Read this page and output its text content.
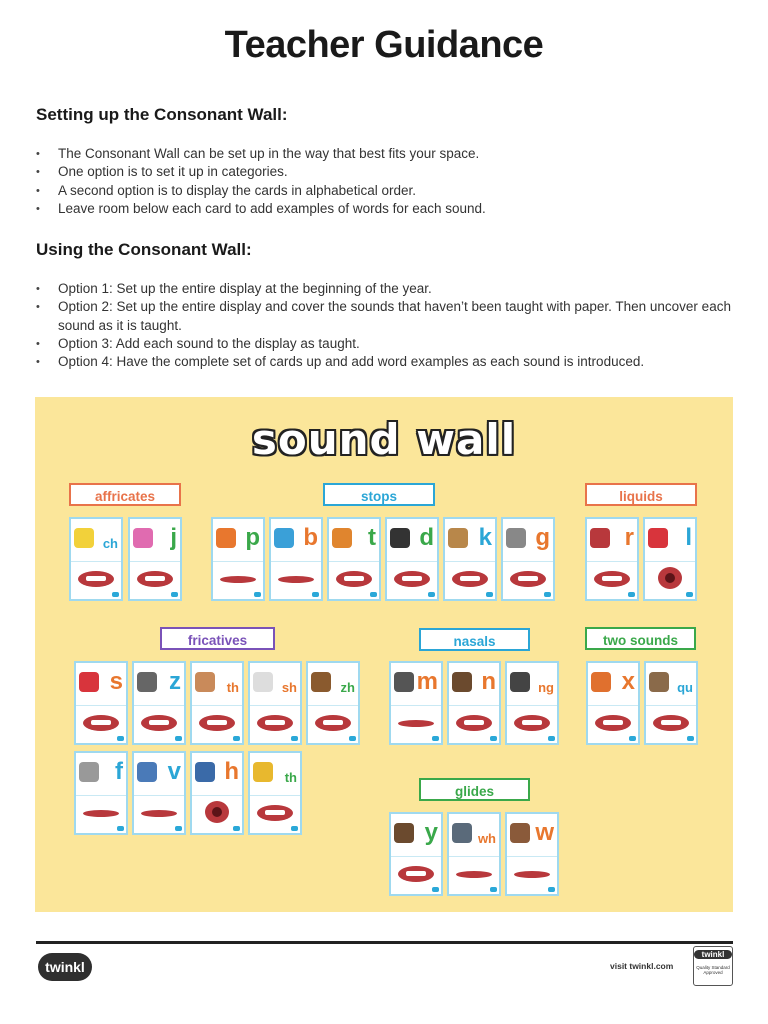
Teacher Guidance
Setting up the Consonant Wall:
• The Consonant Wall can be set up in the way that best fits your space.
• One option is to set it up in categories.
• A second option is to display the cards in alphabetical order.
• Leave room below each card to add examples of words for each sound.
Using the Consonant Wall:
• Option 1: Set up the entire display at the beginning of the year.
• Option 2: Set up the entire display and cover the sounds that haven’t been taught with paper. Then uncover each sound as it is taught.
• Option 3: Add each sound to the display as taught.
• Option 4: Have the complete set of cards up and add word examples as each sound is introduced.
sound wall
affricates	stops	liquids
fricatives	nasals	two sounds
glides
ch j	p b t d k g	r l
s z	th	sh	zh	m n	ng	x	qu
f v h	th
y	wh w
twinkl	visit twinkl.com
twinkl
Quality Standard Approved
